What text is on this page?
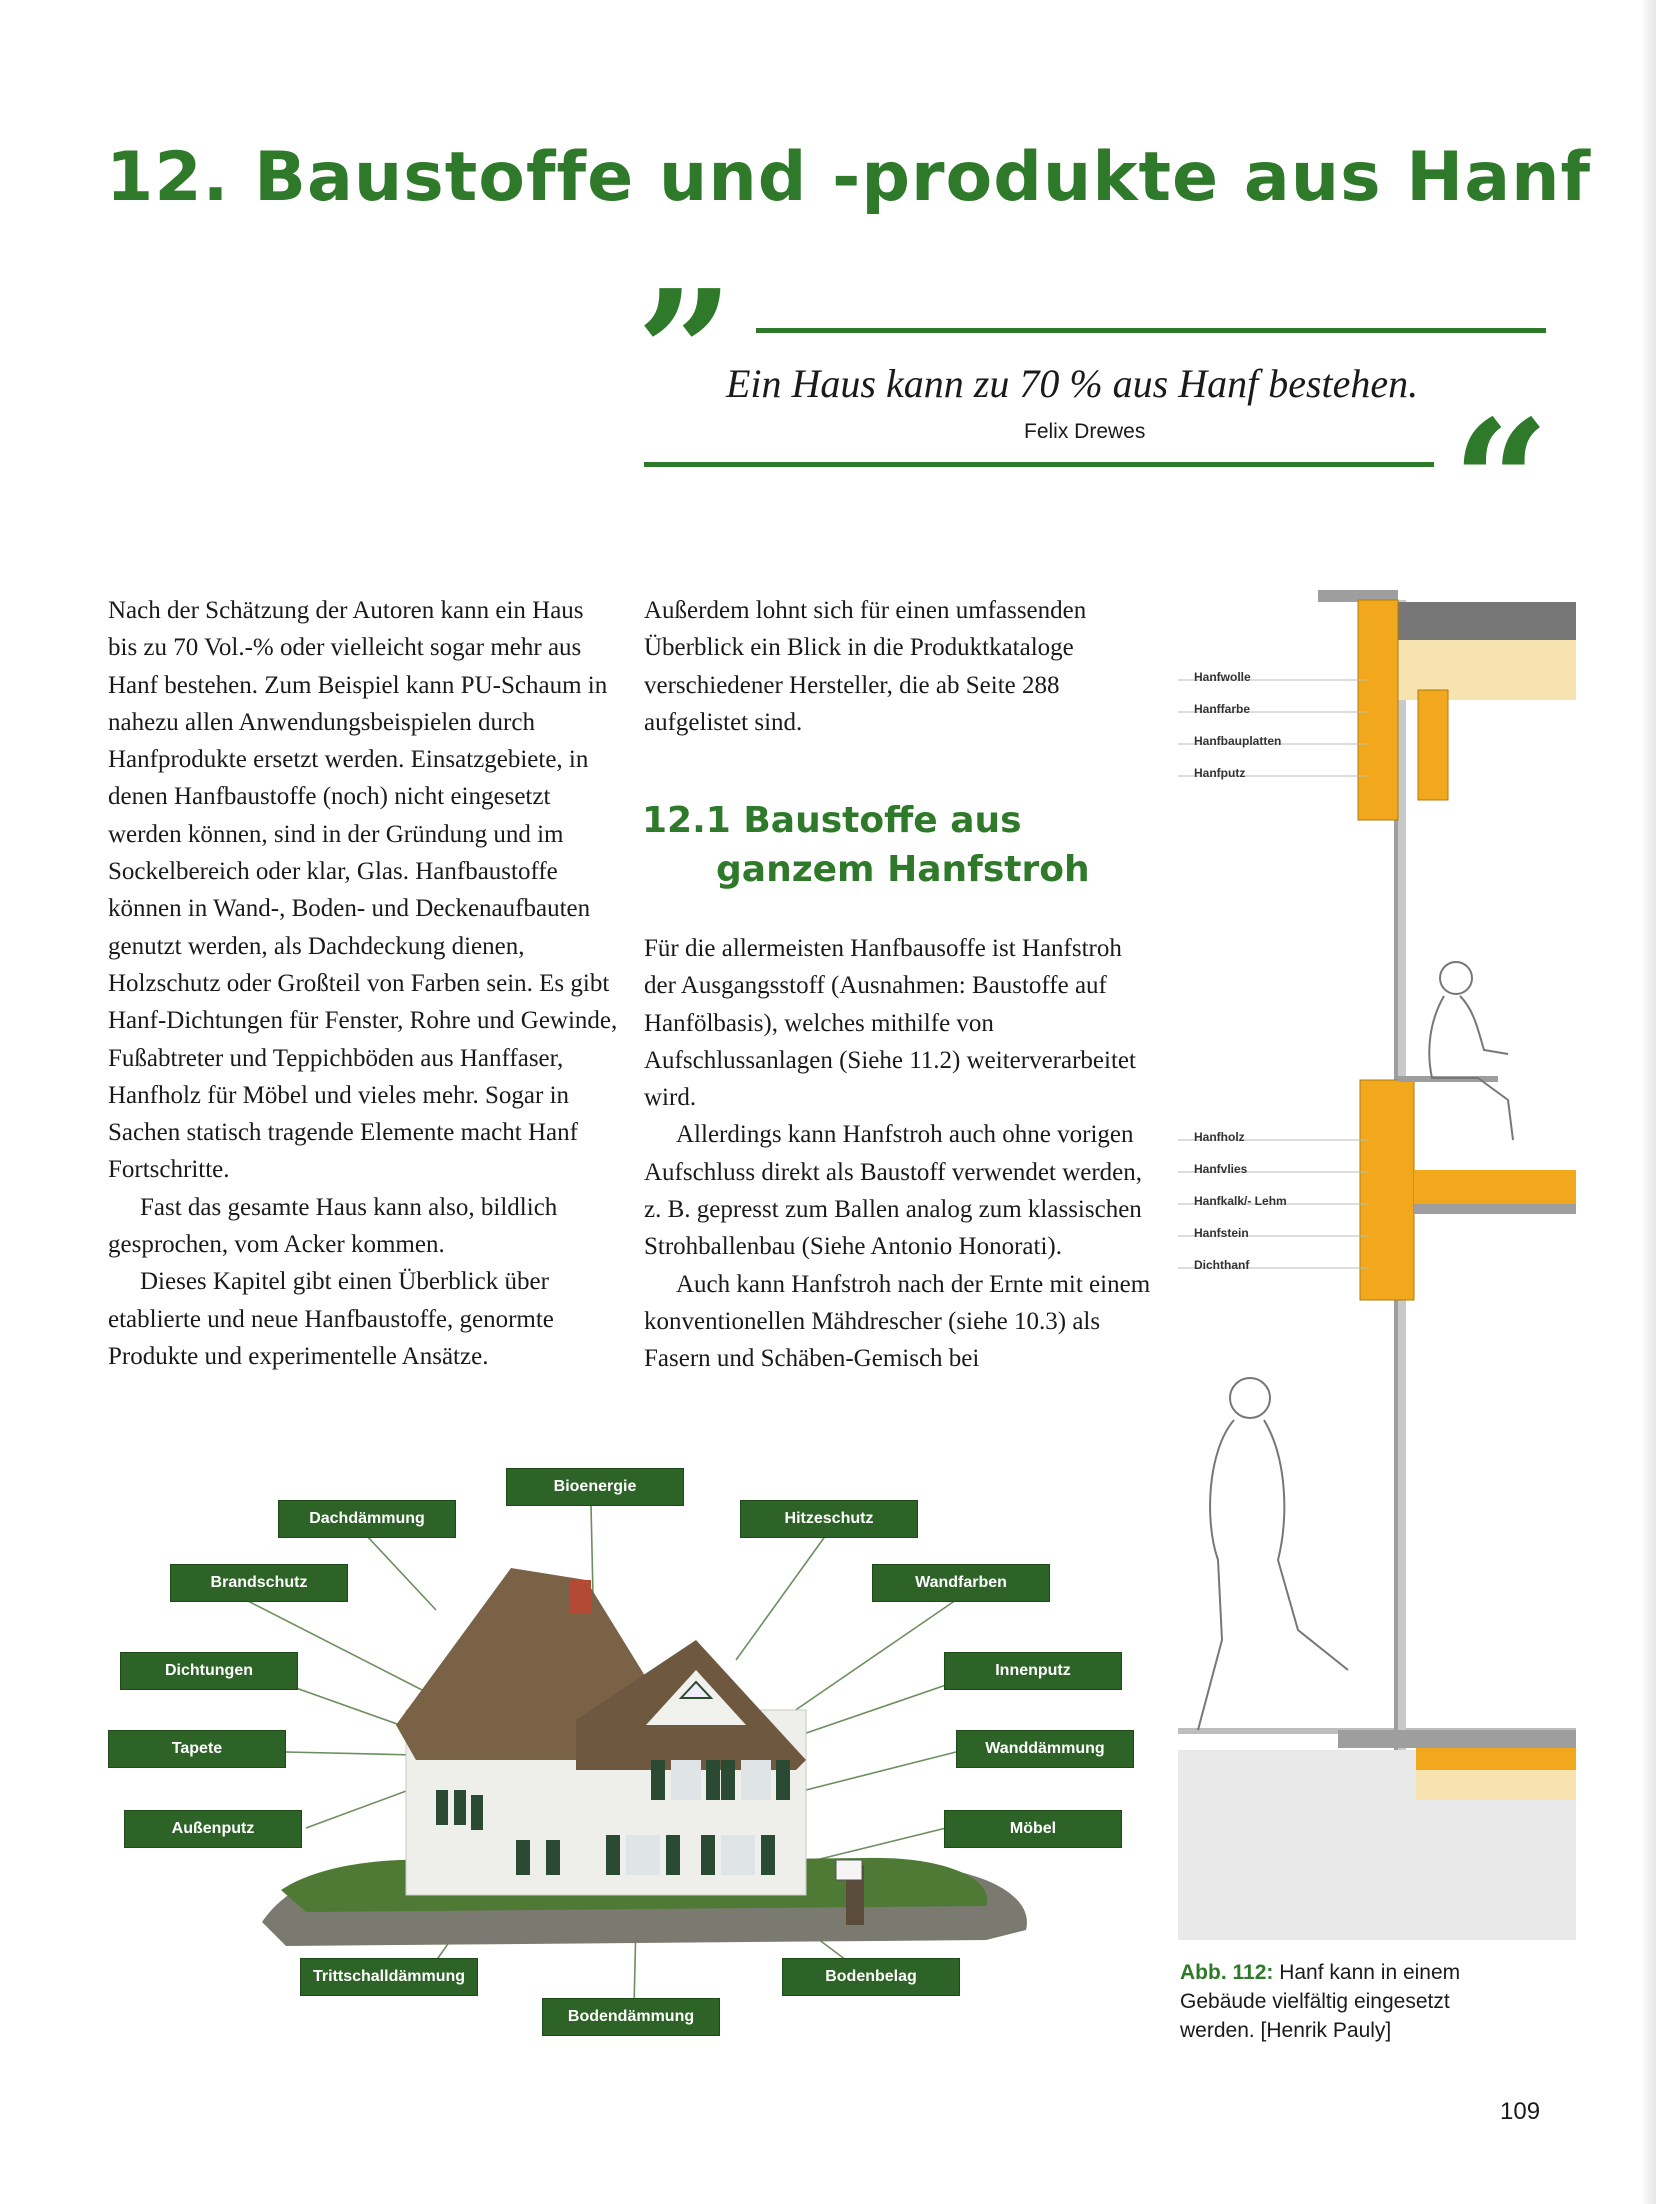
12. Baustoffe und -produkte aus Hanf
”
Ein Haus kann zu 70 % aus Hanf bestehen.
Felix Drewes “

Nach der Schätzung der Autoren kann ein Haus bis zu 70 Vol.-% oder vielleicht sogar mehr aus Hanf bestehen. Zum Beispiel kann PU-Schaum in nahezu allen Anwendungsbeispielen durch Hanfprodukte ersetzt werden. Einsatzgebiete, in denen Hanfbaustoffe (noch) nicht eingesetzt werden können, sind in der Gründung und im Sockelbereich oder klar, Glas. Hanfbaustoffe können in Wand-, Boden- und Deckenaufbauten genutzt werden, als Dachdeckung dienen, Holzschutz oder Großteil von Farben sein. Es gibt Hanf-Dichtungen für Fenster, Rohre und Gewinde, Fußabtreter und Teppichböden aus Hanffaser, Hanfholz für Möbel und vieles mehr. Sogar in Sachen statisch tragende Elemente macht Hanf Fortschritte.

Fast das gesamte Haus kann also, bildlich gesprochen, vom Acker kommen.

Dieses Kapitel gibt einen Überblick über etablierte und neue Hanfbaustoffe, genormte Produkte und experimentelle Ansätze.

Außerdem lohnt sich für einen umfassenden Überblick ein Blick in die Produktkataloge verschiedener Hersteller, die ab Seite 288 aufgelistet sind.

12.1 Baustoffe aus
ganzem Hanfstroh

Für die allermeisten Hanfbausoffe ist Hanfstroh der Ausgangsstoff (Ausnahmen: Baustoffe auf Hanfölbasis), welches mithilfe von Aufschlussanlagen (Siehe 11.2) weiterverarbeitet wird.

Allerdings kann Hanfstroh auch ohne vorigen Aufschluss direkt als Baustoff verwendet werden, z. B. gepresst zum Ballen analog zum klassischen Strohballenbau (Siehe Antonio Honorati).

Auch kann Hanfstroh nach der Ernte mit einem konventionellen Mähdrescher (siehe 10.3) als Fasern und Schäben-Gemisch bei

Bioenergie
Dachdämmung	Hitzeschutz
Brandschutz	Wandfarben
Dichtungen	Innenputz
Tapete	Wanddämmung
Außenputz	Möbel
Trittschalldämmung	Bodenbelag
Bodendämmung
Hanfwolle
Hanffarbe
Hanfbauplatten
Hanfputz
Hanfholz
Hanfvlies
Hanfkalk/- Lehm
Hanfstein
Dichthanf
Abb. 112: Hanf kann in einem Gebäude vielfältig eingesetzt werden. [Henrik Pauly]
109
